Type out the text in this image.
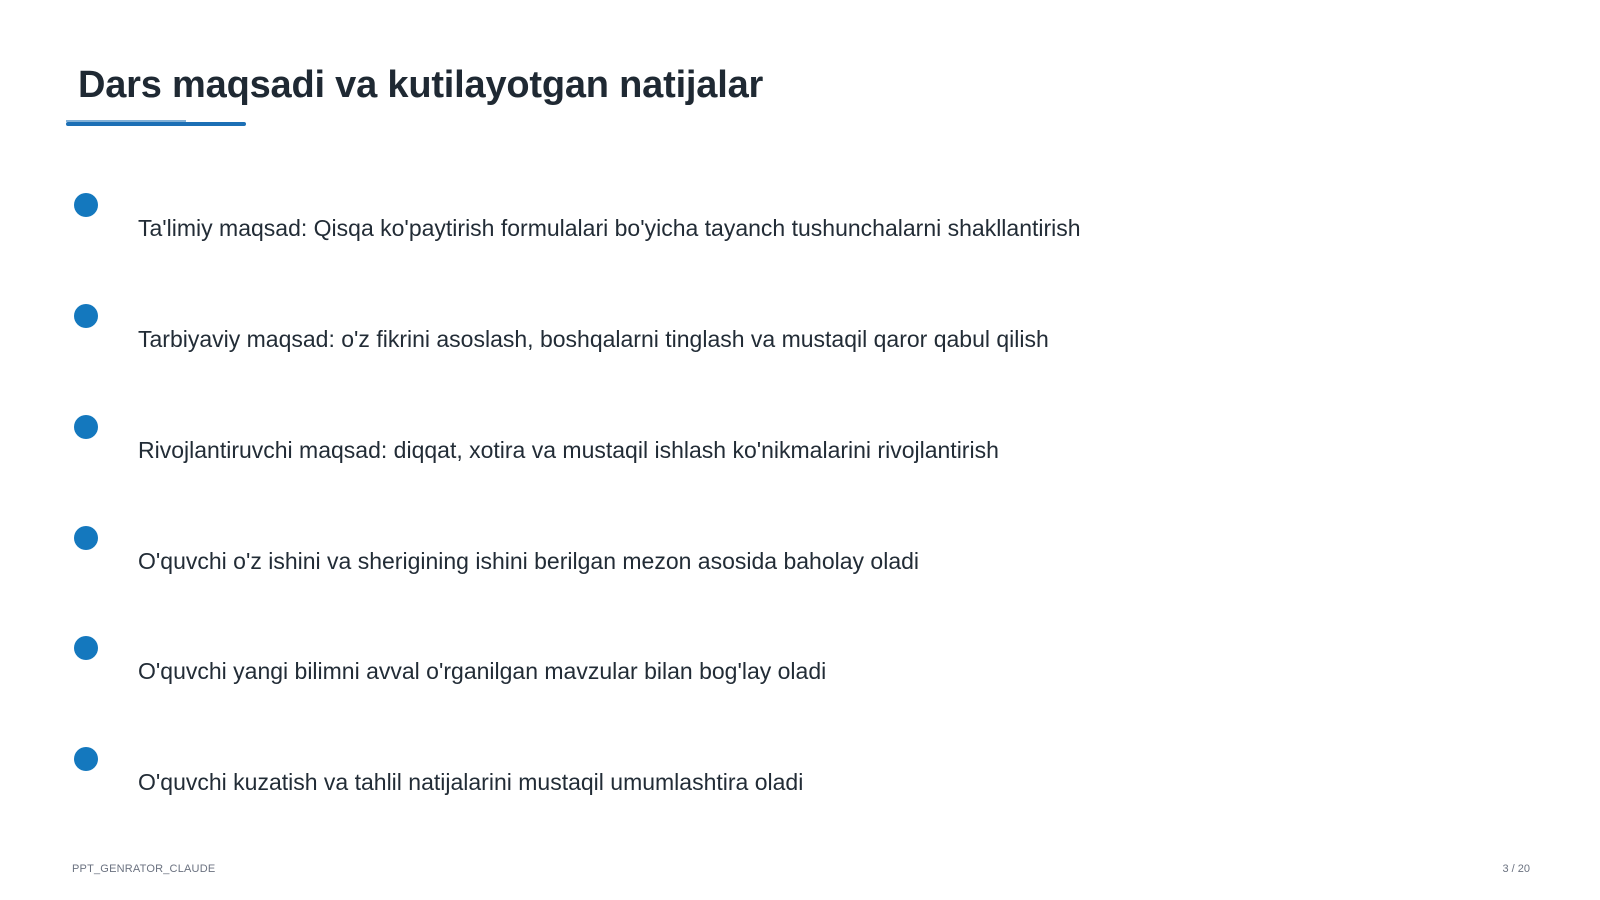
Dars maqsadi va kutilayotgan natijalar
Ta'limiy maqsad: Qisqa ko'paytirish formulalari bo'yicha tayanch tushunchalarni shakllantirish
Tarbiyaviy maqsad: o'z fikrini asoslash, boshqalarni tinglash va mustaqil qaror qabul qilish
Rivojlantiruvchi maqsad: diqqat, xotira va mustaqil ishlash ko'nikmalarini rivojlantirish
O'quvchi o'z ishini va sherigining ishini berilgan mezon asosida baholay oladi
O'quvchi yangi bilimni avval o'rganilgan mavzular bilan bog'lay oladi
O'quvchi kuzatish va tahlil natijalarini mustaqil umumlashtira oladi
PPT_GENRATOR_CLAUDE	3 / 20
